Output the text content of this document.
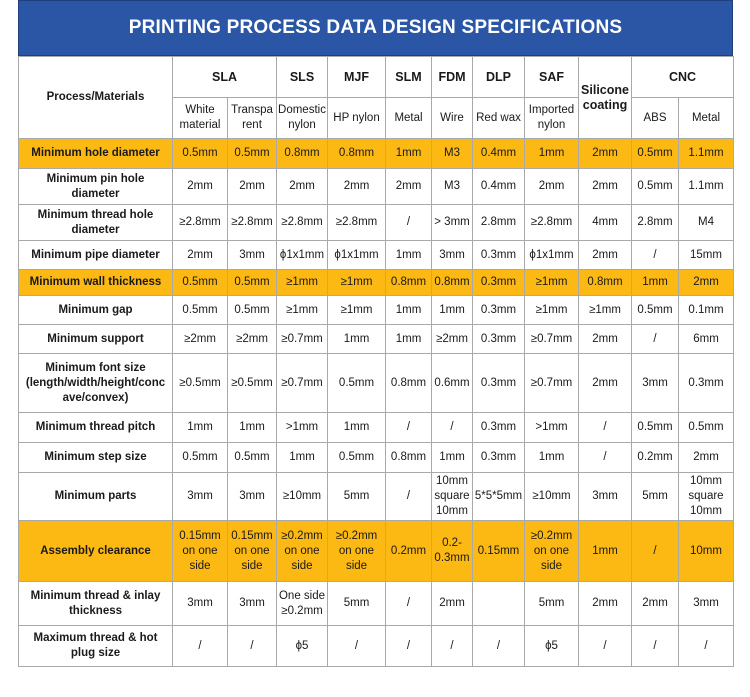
PRINTING PROCESS DATA DESIGN SPECIFICATIONS
Process/Materials	SLA		SLS	MJF	SLM	FDM	DLP	SAF	Silicone coating	CNC	
	White material	Transpa rent	Domestic nylon	HP nylon	Metal	Wire	Red wax	Imported nylon		ABS	Metal
Minimum hole diameter	0.5mm	0.5mm	0.8mm	0.8mm	1mm	M3	0.4mm	1mm	2mm	0.5mm	1.1mm
Minimum pin hole diameter	2mm	2mm	2mm	2mm	2mm	M3	0.4mm	2mm	2mm	0.5mm	1.1mm
Minimum thread hole diameter	≥2.8mm	≥2.8mm	≥2.8mm	≥2.8mm	/	> 3mm	2.8mm	≥2.8mm	4mm	2.8mm	M4
Minimum pipe diameter	2mm	3mm	ϕ1x1mm	ϕ1x1mm	1mm	3mm	0.3mm	ϕ1x1mm	2mm	/	15mm
Minimum wall thickness	0.5mm	0.5mm	≥1mm	≥1mm	0.8mm	0.8mm	0.3mm	≥1mm	0.8mm	1mm	2mm
Minimum gap	0.5mm	0.5mm	≥1mm	≥1mm	1mm	1mm	0.3mm	≥1mm	≥1mm	0.5mm	0.1mm
Minimum support	≥2mm	≥2mm	≥0.7mm	1mm	1mm	≥2mm	0.3mm	≥0.7mm	2mm	/	6mm
Minimum font size (length/width/height/conc ave/convex)	≥0.5mm	≥0.5mm	≥0.7mm	0.5mm	0.8mm	0.6mm	0.3mm	≥0.7mm	2mm	3mm	0.3mm
Minimum thread pitch	1mm	1mm	>1mm	1mm	/	/	0.3mm	>1mm	/	0.5mm	0.5mm
Minimum step size	0.5mm	0.5mm	1mm	0.5mm	0.8mm	1mm	0.3mm	1mm	/	0.2mm	2mm
Minimum parts	3mm	3mm	≥10mm	5mm	/	10mm square 10mm	5*5*5mm	≥10mm	3mm	5mm	10mm square 10mm
Assembly clearance	0.15mm on one side	0.15mm on one side	≥0.2mm on one side	≥0.2mm on one side	0.2mm	0.2-0.3mm	0.15mm	≥0.2mm on one side	1mm	/	10mm
Minimum thread & inlay thickness	3mm	3mm	One side ≥0.2mm	5mm	/	2mm		5mm	2mm	2mm	3mm
Maximum thread & hot plug size	/	/	ϕ5	/	/	/	/	ϕ5	/	/	/
